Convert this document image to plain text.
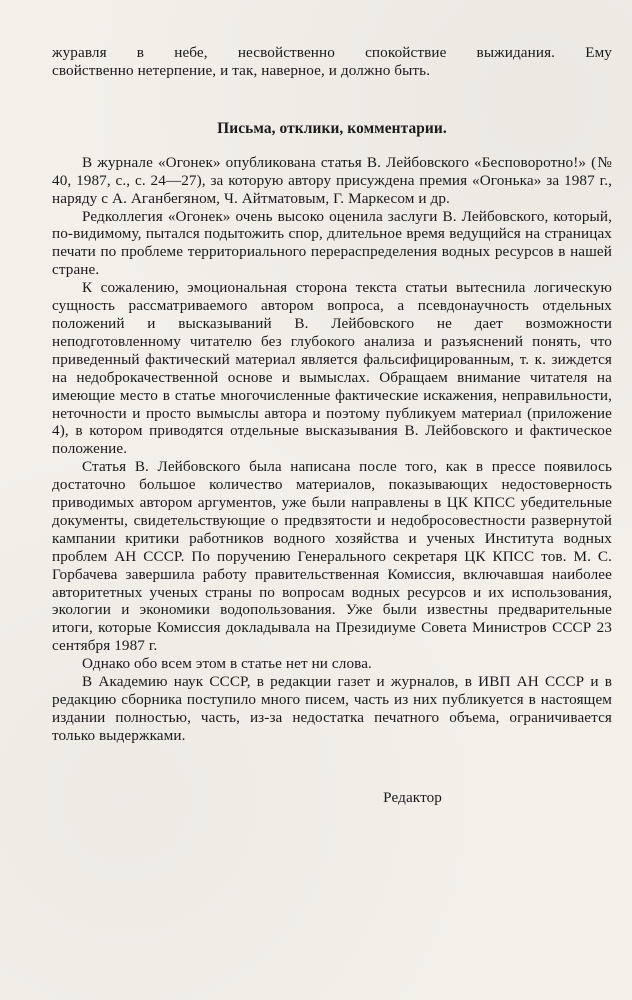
журавля в небе, несвойственно спокойствие выжидания. Ему

свойственно нетерпение, и так, наверное, и должно быть.

Письма, отклики, комментарии.

В журнале «Огонек» опубликована статья В. Лейбовского «Бесповоротно!» (№ 40, 1987, с., с. 24—27), за которую автору присуждена премия «Огонька» за 1987 г., наряду с А. Аганбегяном, Ч. Айтматовым, Г. Маркесом и др.

Редколлегия «Огонек» очень высоко оценила заслуги В. Лейбовского, который, по-видимому, пытался подытожить спор, длительное время ведущийся на страницах печати по проблеме территориального перераспределения водных ресурсов в нашей стране.

К сожалению, эмоциональная сторона текста статьи вытеснила логическую сущность рассматриваемого автором вопроса, а псевдонаучность отдельных положений и высказываний В. Лейбовского не дает возможности неподготовленному читателю без глубокого анализа и разъяснений понять, что приведенный фактический материал является фальсифицированным, т. к. зиждется на недоброкачественной основе и вымыслах. Обращаем внимание читателя на имеющие место в статье многочисленные фактические искажения, неправильности, неточности и просто вымыслы автора и поэтому публикуем материал (приложение 4), в котором приводятся отдельные высказывания В. Лейбовского и фактическое положение.

Статья В. Лейбовского была написана после того, как в прессе появилось достаточно большое количество материалов, показывающих недостоверность приводимых автором аргументов, уже были направлены в ЦК КПСС убедительные документы, свидетельствующие о предвзятости и недобросовестности развернутой кампании критики работников водного хозяйства и ученых Института водных проблем АН СССР. По поручению Генерального секретаря ЦК КПСС тов. М. С. Горбачева завершила работу правительственная Комиссия, включавшая наиболее авторитетных ученых страны по вопросам водных ресурсов и их использования, экологии и экономики водопользования. Уже были известны предварительные итоги, которые Комиссия докладывала на Президиуме Совета Министров СССР 23 сентября 1987 г.

Однако обо всем этом в статье нет ни слова.

В Академию наук СССР, в редакции газет и журналов, в ИВП АН СССР и в редакцию сборника поступило много писем, часть из них публикуется в настоящем издании полностью, часть, из-за недостатка печатного объема, ограничивается только выдержками.

Редактор
